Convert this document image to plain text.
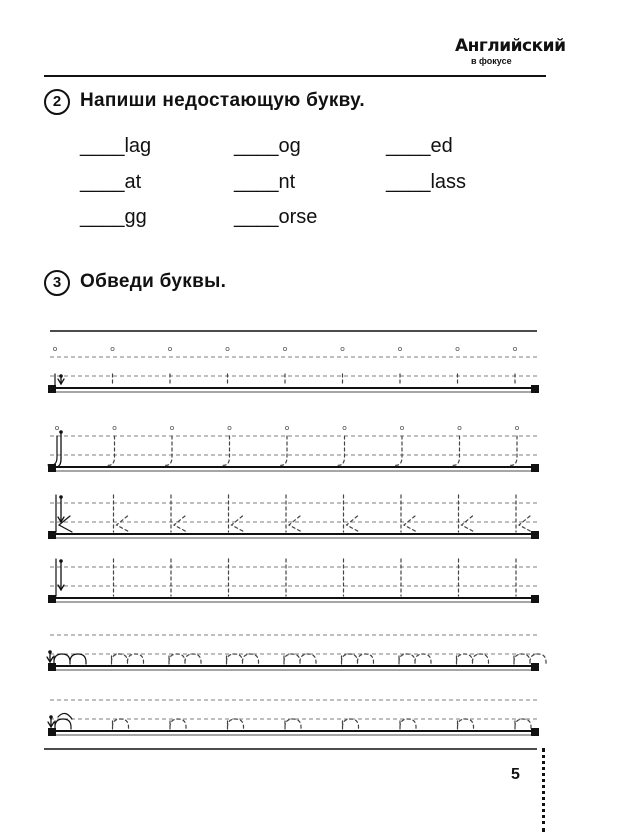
Английский
в фокусе
2 Напиши недостающую букву.
____lag	____og	____ed
____at	____nt	____lass
____gg	____orse
3 Обведи буквы.
5
